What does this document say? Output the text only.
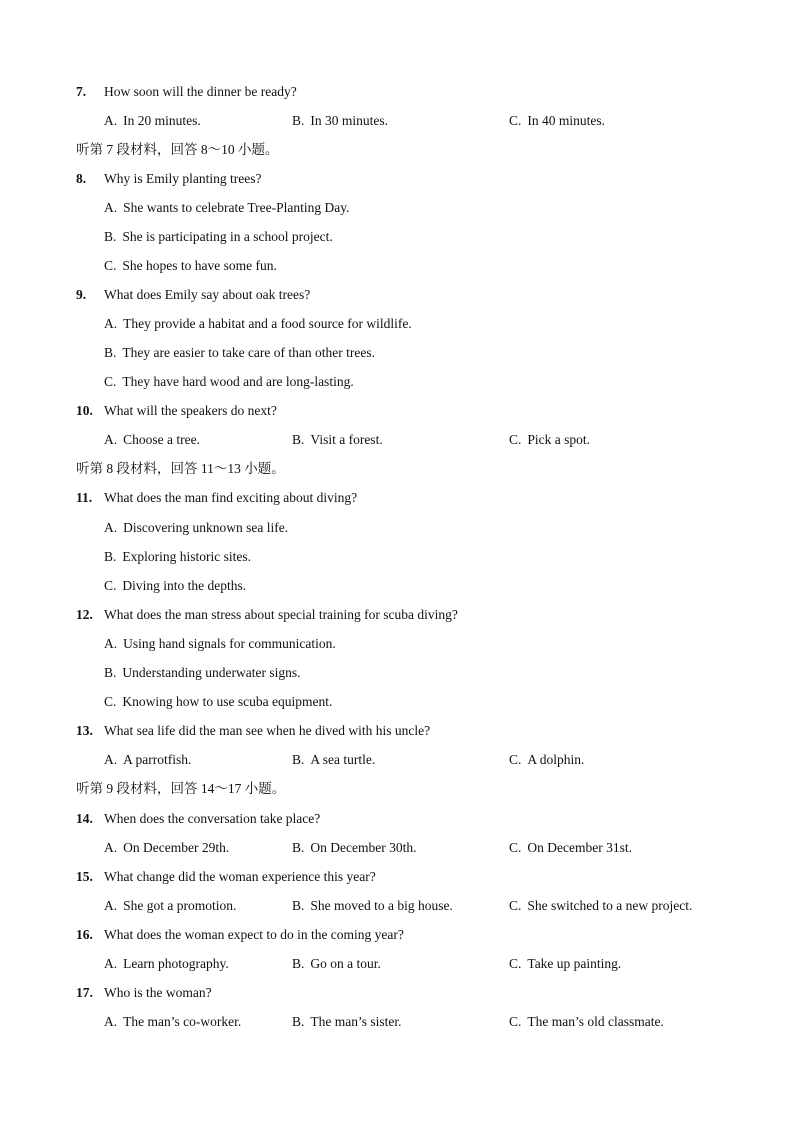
7. How soon will the dinner be ready?
A. In 20 minutes.	B. In 30 minutes.	C. In 40 minutes.
听第 7 段材料，回答 8～10 小题。
8. Why is Emily planting trees?
A. She wants to celebrate Tree-Planting Day.
B. She is participating in a school project.
C. She hopes to have some fun.
9. What does Emily say about oak trees?
A. They provide a habitat and a food source for wildlife.
B. They are easier to take care of than other trees.
C. They have hard wood and are long-lasting.
10. What will the speakers do next?
A. Choose a tree.	B. Visit a forest.	C. Pick a spot.
听第 8 段材料，回答 11～13 小题。
11. What does the man find exciting about diving?
A. Discovering unknown sea life.
B. Exploring historic sites.
C. Diving into the depths.
12. What does the man stress about special training for scuba diving?
A. Using hand signals for communication.
B. Understanding underwater signs.
C. Knowing how to use scuba equipment.
13. What sea life did the man see when he dived with his uncle?
A. A parrotfish.	B. A sea turtle.	C. A dolphin.
听第 9 段材料，回答 14～17 小题。
14. When does the conversation take place?
A. On December 29th.	B. On December 30th.	C. On December 31st.
15. What change did the woman experience this year?
A. She got a promotion.	B. She moved to a big house.	C. She switched to a new project.
16. What does the woman expect to do in the coming year?
A. Learn photography.	B. Go on a tour.	C. Take up painting.
17. Who is the woman?
A. The man’s co-worker.	B. The man’s sister.	C. The man’s old classmate.
